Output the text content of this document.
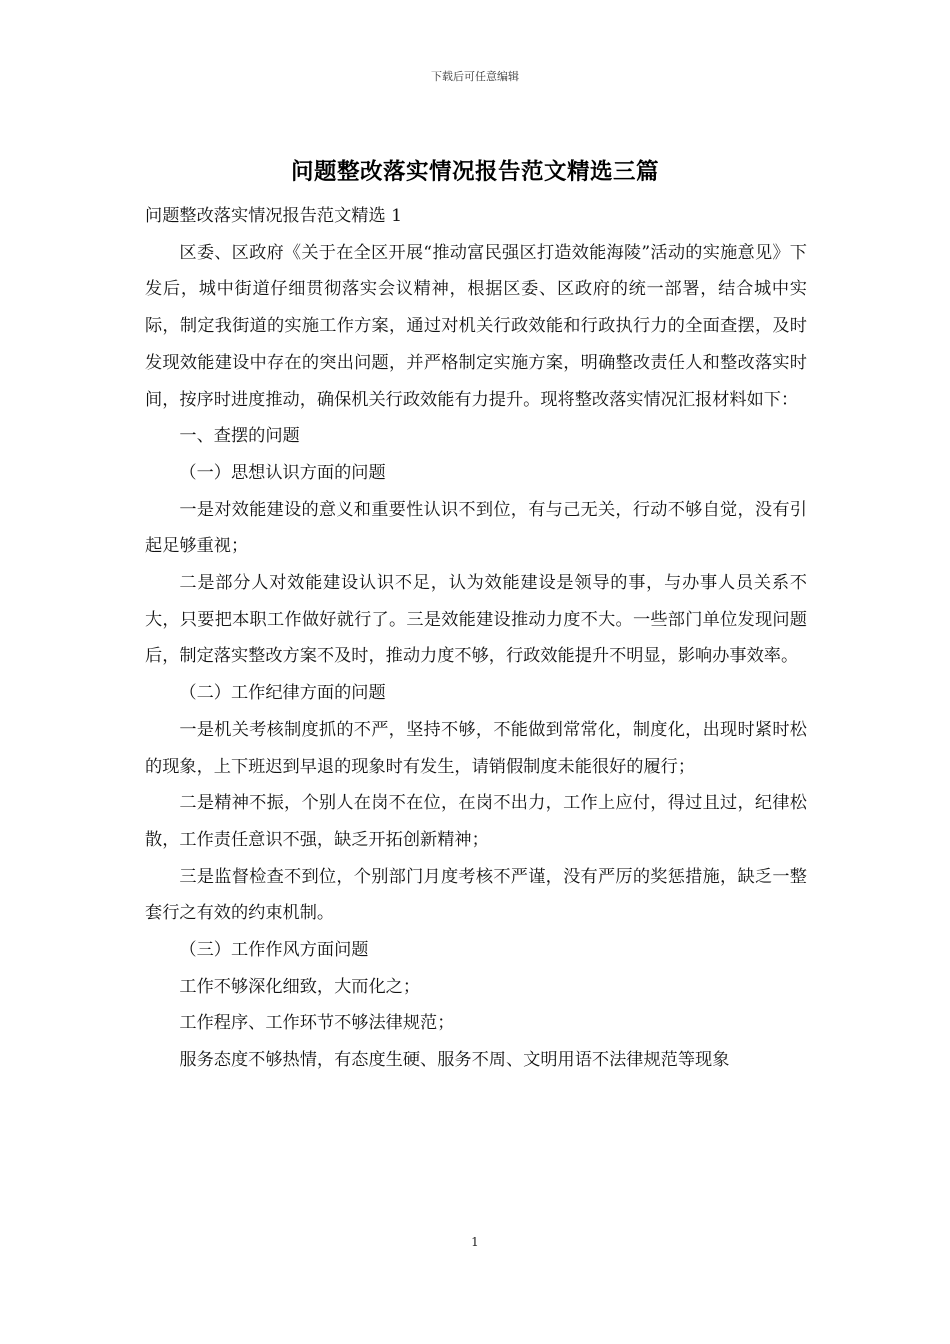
下载后可任意编辑
问题整改落实情况报告范文精选三篇

问题整改落实情况报告范文精选 1

区委、区政府《关于在全区开展“推动富民强区打造效能海陵”活动的实施意见》下发后，城中街道仔细贯彻落实会议精神，根据区委、区政府的统一部署，结合城中实际，制定我街道的实施工作方案，通过对机关行政效能和行政执行力的全面查摆，及时发现效能建设中存在的突出问题，并严格制定实施方案，明确整改责任人和整改落实时间，按序时进度推动，确保机关行政效能有力提升。现将整改落实情况汇报材料如下：

一、查摆的问题

（一）思想认识方面的问题

一是对效能建设的意义和重要性认识不到位，有与己无关，行动不够自觉，没有引起足够重视；

二是部分人对效能建设认识不足，认为效能建设是领导的事，与办事人员关系不大，只要把本职工作做好就行了。三是效能建设推动力度不大。一些部门单位发现问题后，制定落实整改方案不及时，推动力度不够，行政效能提升不明显，影响办事效率。

（二）工作纪律方面的问题

一是机关考核制度抓的不严，坚持不够，不能做到常常化，制度化，出现时紧时松的现象，上下班迟到早退的现象时有发生，请销假制度未能很好的履行；

二是精神不振，个别人在岗不在位，在岗不出力，工作上应付，得过且过，纪律松散，工作责任意识不强，缺乏开拓创新精神；

三是监督检查不到位，个别部门月度考核不严谨，没有严厉的奖惩措施，缺乏一整套行之有效的约束机制。

（三）工作作风方面问题

工作不够深化细致，大而化之；

工作程序、工作环节不够法律规范；

服务态度不够热情，有态度生硬、服务不周、文明用语不法律规范等现象

1
